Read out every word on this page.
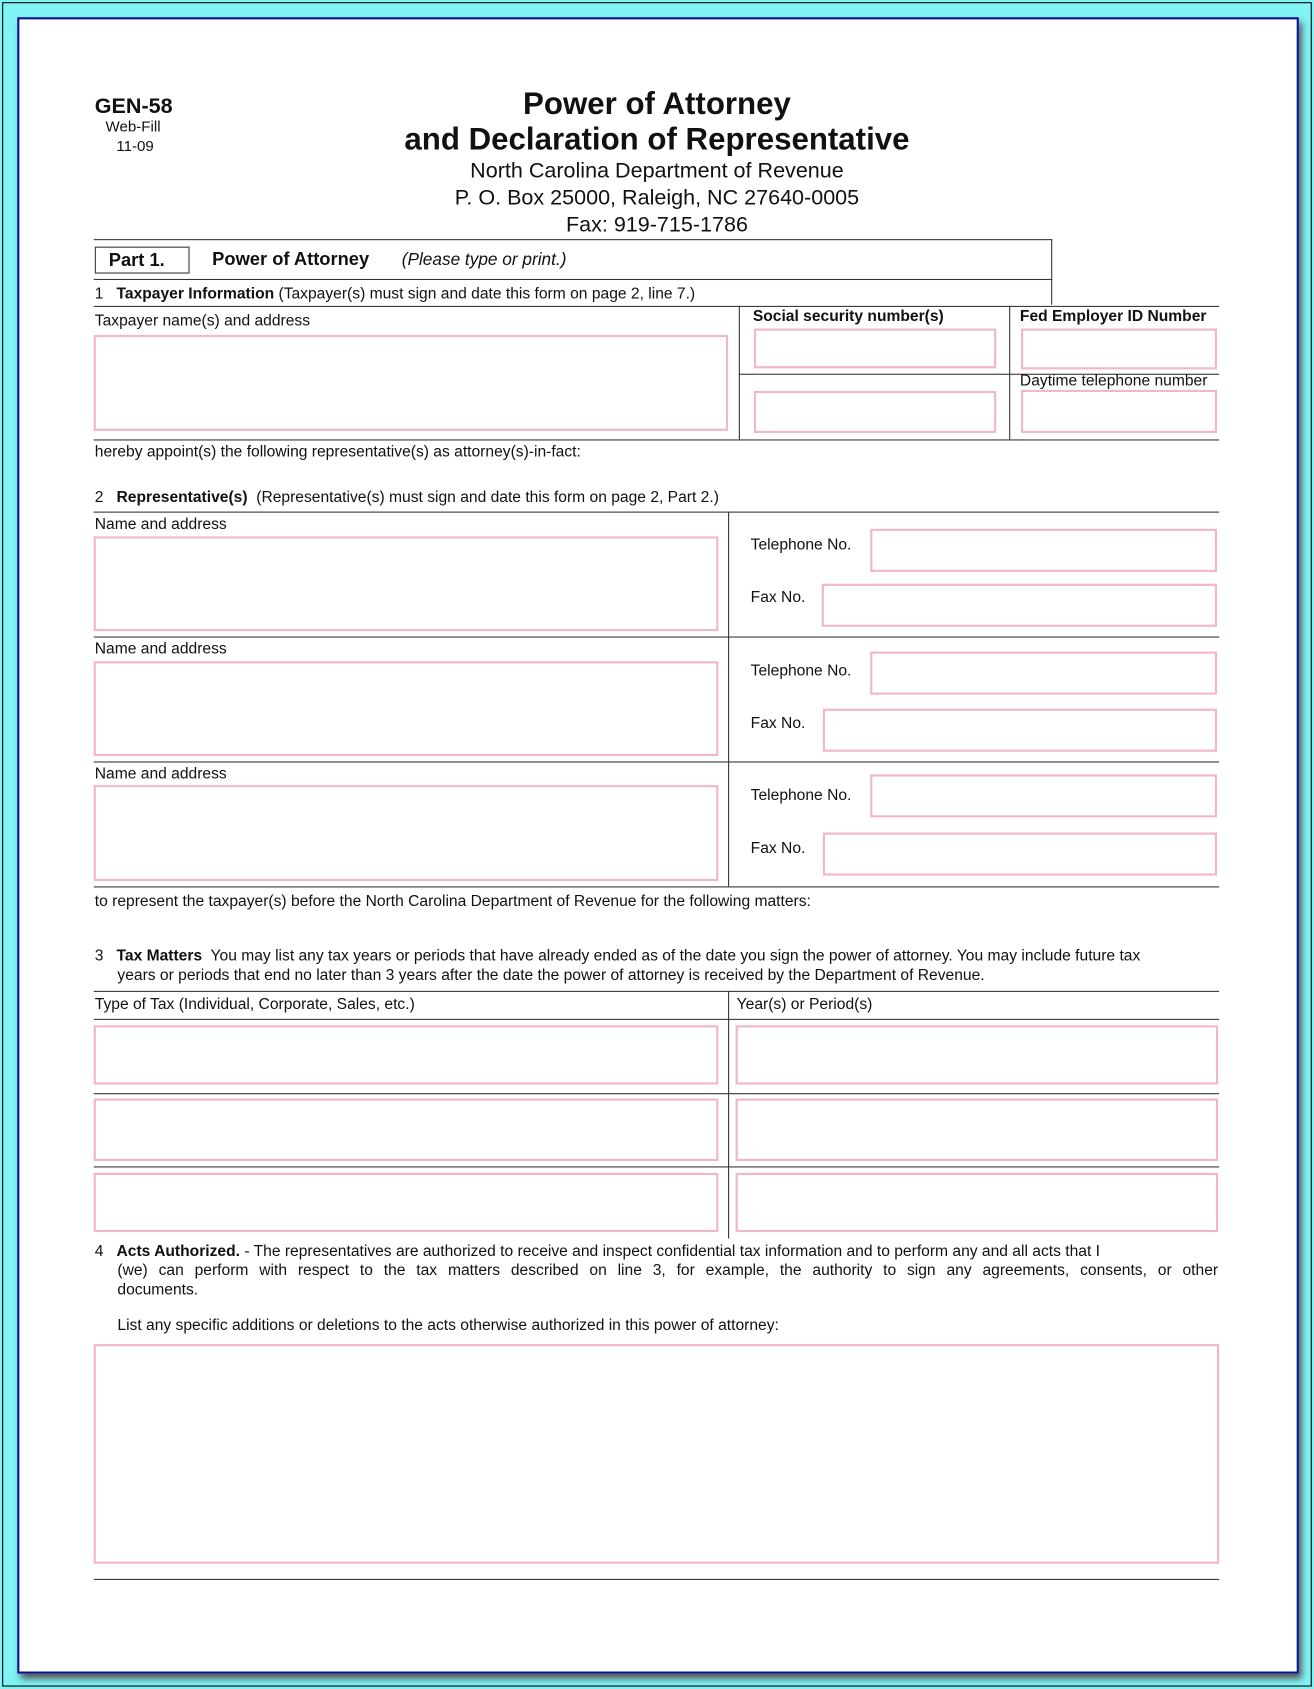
GEN-58
Web-Fill
11-09
Power of Attorney
and Declaration of Representative
North Carolina Department of Revenue
P. O. Box 25000, Raleigh, NC 27640-0005
Fax: 919-715-1786
Part 1.	Power of Attorney (Please type or print.)
1 Taxpayer Information (Taxpayer(s) must sign and date this form on page 2, line 7.)
Taxpayer name(s) and address	Social security number(s)	Fed Employer ID Number
Daytime telephone number
hereby appoint(s) the following representative(s) as attorney(s)-in-fact:
2 Representative(s) (Representative(s) must sign and date this form on page 2, Part 2.)
Name and address
Telephone No.
Fax No.
Name and address
Telephone No.
Fax No.
Name and address
Telephone No.
Fax No.
to represent the taxpayer(s) before the North Carolina Department of Revenue for the following matters:
3 Tax Matters You may list any tax years or periods that have already ended as of the date you sign the power of attorney. You may include future tax
years or periods that end no later than 3 years after the date the power of attorney is received by the Department of Revenue.
Type of Tax (Individual, Corporate, Sales, etc.)	Year(s) or Period(s)
4 Acts Authorized. - The representatives are authorized to receive and inspect confidential tax information and to perform any and all acts that I
(we) can perform with respect to the tax matters described on line 3, for example, the authority to sign any agreements, consents, or other
documents.
List any specific additions or deletions to the acts otherwise authorized in this power of attorney:
